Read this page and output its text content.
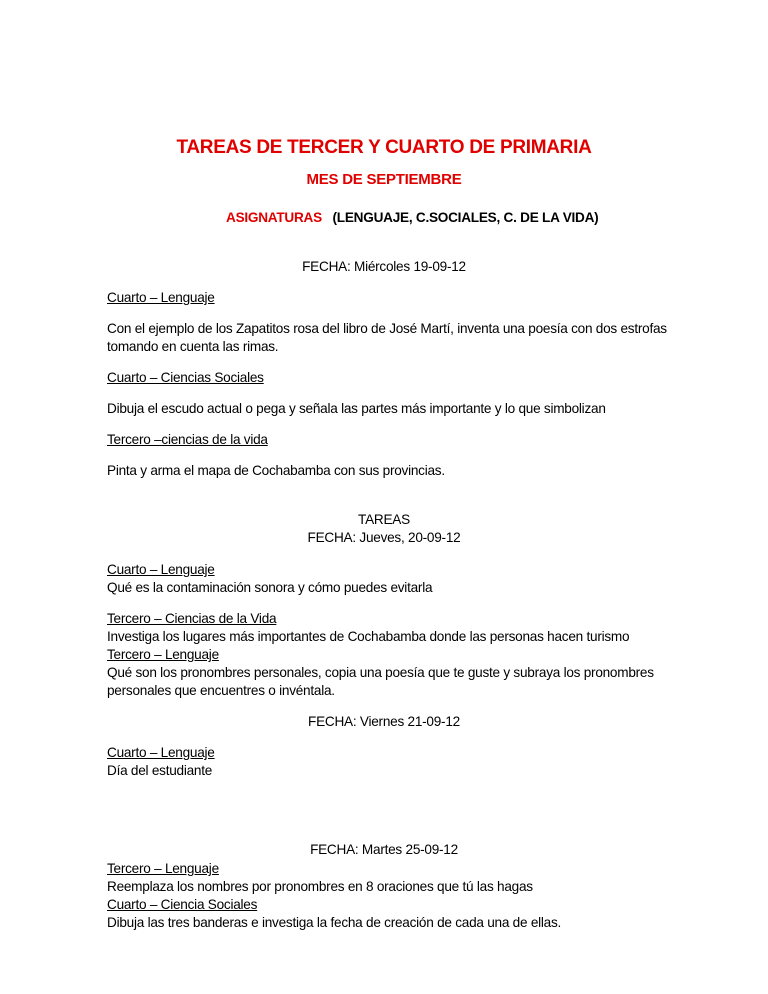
TAREAS DE TERCER Y CUARTO DE PRIMARIA
MES DE SEPTIEMBRE
ASIGNATURAS (LENGUAJE, C.SOCIALES, C. DE LA VIDA)
FECHA: Miércoles 19-09-12
Cuarto – Lenguaje
Con el ejemplo de los Zapatitos rosa del libro de José Martí, inventa una poesía con dos estrofas
tomando en cuenta las rimas.
Cuarto – Ciencias Sociales
Dibuja el escudo actual o pega y señala las partes más importante y lo que simbolizan
Tercero –ciencias de la vida
Pinta y arma el mapa de Cochabamba con sus provincias.
TAREAS
FECHA: Jueves, 20-09-12
Cuarto – Lenguaje
Qué es la contaminación sonora y cómo puedes evitarla
Tercero – Ciencias de la Vida
Investiga los lugares más importantes de Cochabamba donde las personas hacen turismo
Tercero – Lenguaje
Qué son los pronombres personales, copia una poesía que te guste y subraya los pronombres
personales que encuentres o invéntala.
FECHA: Viernes 21-09-12
Cuarto – Lenguaje
Día del estudiante
FECHA: Martes 25-09-12
Tercero – Lenguaje
Reemplaza los nombres por pronombres en 8 oraciones que tú las hagas
Cuarto – Ciencia Sociales
Dibuja las tres banderas e investiga la fecha de creación de cada una de ellas.
